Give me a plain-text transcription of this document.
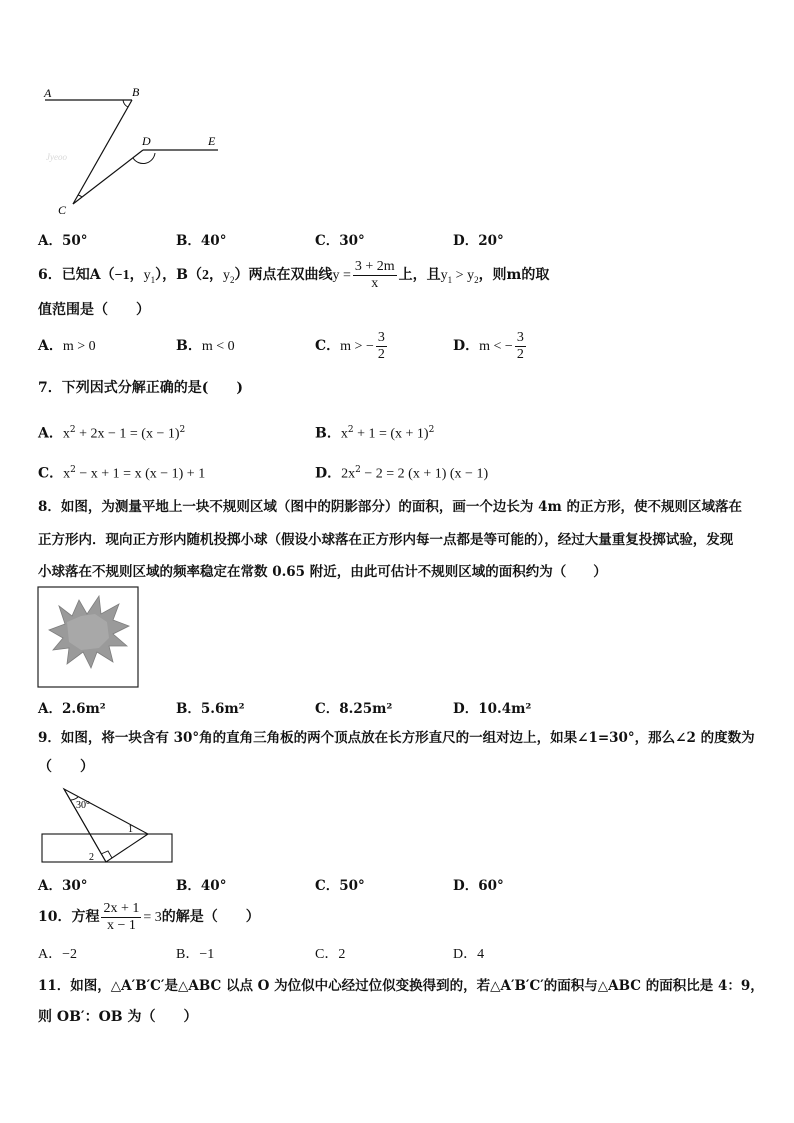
A	B
D	E
C
Jyeoo
A．50°	B．40°	C．30°	D．20°
6．已知A（−1，$y_1$），B（2，$y_2$）两点在双曲线$y = \frac{3 + 2m}{x}$ 上，且$y_1 > y_2$，则m的取
值范围是（　　）
A．m > 0	B．m < 0	C．m > − $\frac{3}{2}$	D．m < − $\frac{3}{2}$
7．下列因式分解正确的是(　　)
A．$x^2 + 2x - 1 = (x - 1)^2$	B．$x^2 + 1 = (x + 1)^2$
C．$x^2 - x + 1 = x$ (x − 1) + 1	D．$2x^2 - 2 = 2$ (x + 1) (x − 1)
8．如图，为测量平地上一块不规则区域（图中的阴影部分）的面积，画一个边长为 4m 的正方形，使不规则区域落在
正方形内．现向正方形内随机投掷小球（假设小球落在正方形内每一点都是等可能的），经过大量重复投掷试验，发现
小球落在不规则区域的频率稳定在常数 0.65 附近，由此可估计不规则区域的面积约为（　　）
A．2.6m²	B．5.6m²	C．8.25m²	D．10.4m²
9．如图，将一块含有 30°角的直角三角板的两个顶点放在长方形直尺的一组对边上，如果∠1=30°，那么∠2 的度数为
（　　）
30°
1
2
A．30°	B．40°	C．50°	D．60°
10．方程 $\frac{2x + 1}{x - 1} = 3$的解是（　　）
A．−2	B．−1	C．2	D．4
11．如图，△A′B′C′是△ABC 以点 O 为位似中心经过位似变换得到的，若△A′B′C′的面积与△ABC 的面积比是 4：9，
则 OB′：OB 为（　　）
